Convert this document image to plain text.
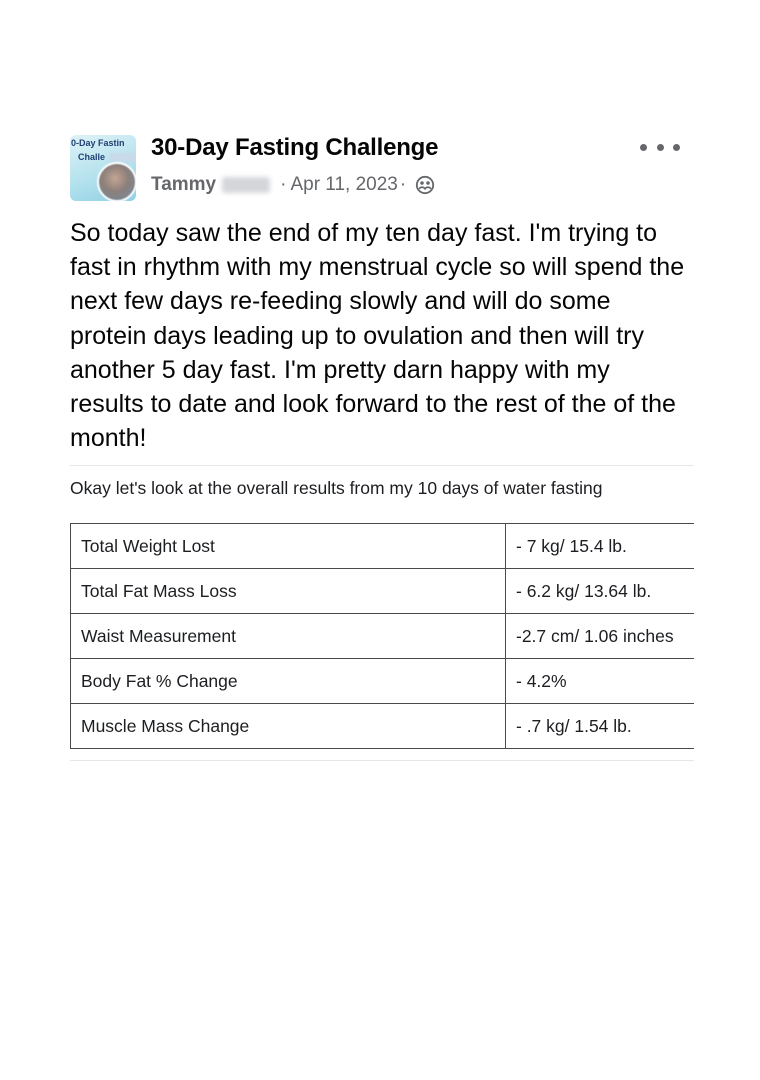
0-Day Fastin
Challe 30-Day Fasting Challenge
Tammy	· Apr 11, 2023 ·

So today saw the end of my ten day fast. I'm trying to fast in rhythm with my menstrual cycle so will spend the next few days re-feeding slowly and will do some protein days leading up to ovulation and then will try another 5 day fast. I'm pretty darn happy with my results to date and look forward to the rest of the of the month!

Okay let's look at the overall results from my 10 days of water fasting
Total Weight Lost	- 7 kg/ 15.4 lb.
Total Fat Mass Loss	- 6.2 kg/ 13.64 lb.
Waist Measurement	-2.7 cm/ 1.06 inches
Body Fat % Change	- 4.2%
Muscle Mass Change	- .7 kg/ 1.54 lb.
